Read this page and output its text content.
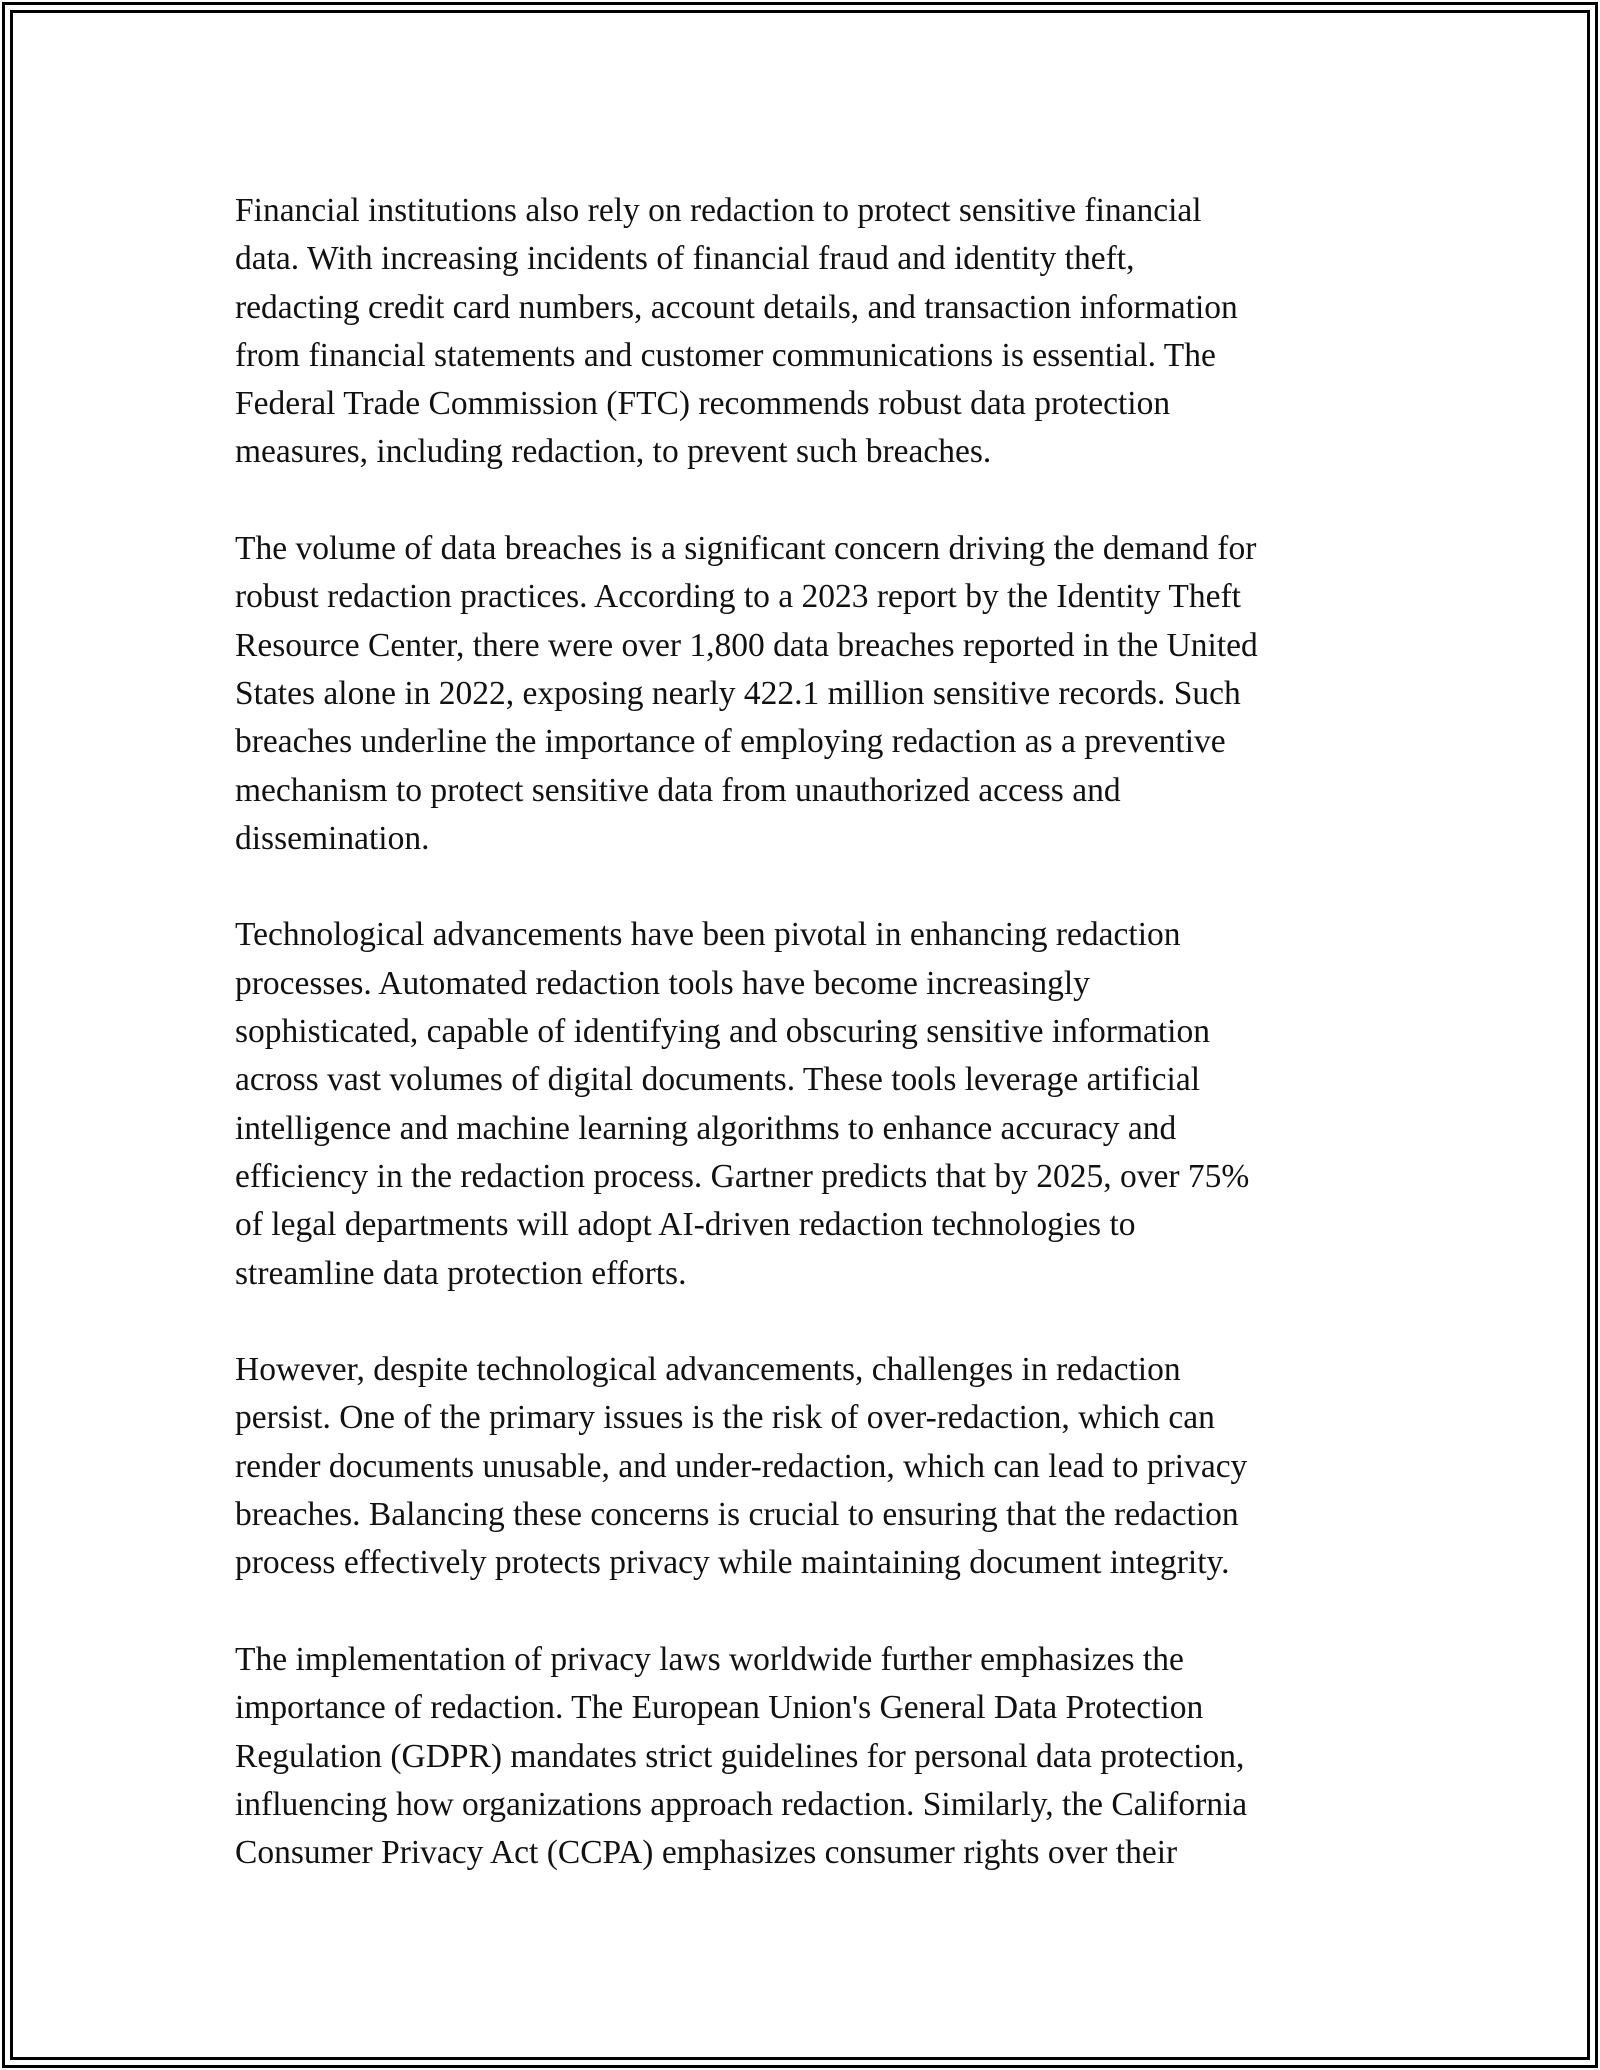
Financial institutions also rely on redaction to protect sensitive financial
data. With increasing incidents of financial fraud and identity theft,
redacting credit card numbers, account details, and transaction information
from financial statements and customer communications is essential. The
Federal Trade Commission (FTC) recommends robust data protection
measures, including redaction, to prevent such breaches.

The volume of data breaches is a significant concern driving the demand for
robust redaction practices. According to a 2023 report by the Identity Theft
Resource Center, there were over 1,800 data breaches reported in the United
States alone in 2022, exposing nearly 422.1 million sensitive records. Such
breaches underline the importance of employing redaction as a preventive
mechanism to protect sensitive data from unauthorized access and
dissemination.

Technological advancements have been pivotal in enhancing redaction
processes. Automated redaction tools have become increasingly
sophisticated, capable of identifying and obscuring sensitive information
across vast volumes of digital documents. These tools leverage artificial
intelligence and machine learning algorithms to enhance accuracy and
efficiency in the redaction process. Gartner predicts that by 2025, over 75%
of legal departments will adopt AI-driven redaction technologies to
streamline data protection efforts.

However, despite technological advancements, challenges in redaction
persist. One of the primary issues is the risk of over-redaction, which can
render documents unusable, and under-redaction, which can lead to privacy
breaches. Balancing these concerns is crucial to ensuring that the redaction
process effectively protects privacy while maintaining document integrity.

The implementation of privacy laws worldwide further emphasizes the
importance of redaction. The European Union's General Data Protection
Regulation (GDPR) mandates strict guidelines for personal data protection,
influencing how organizations approach redaction. Similarly, the California
Consumer Privacy Act (CCPA) emphasizes consumer rights over their
